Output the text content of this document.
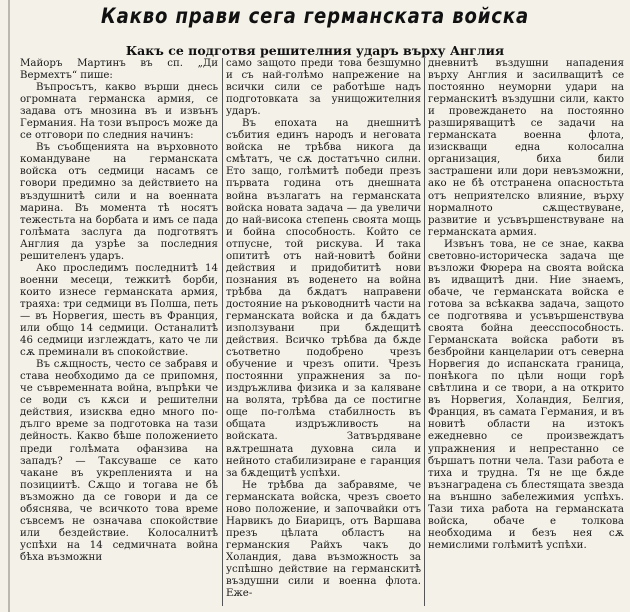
Какво прави сега германската войска
Какъ се подготвя решителния ударъ върху Англия

Майоръ Мартинъ въ сп. „Ди Вермехтъ“ пише:

Въпросътъ, какво върши днесь огромната германска армия, се задава отъ мнозина въ и извънъ Германия. На този въпросъ може да се отговори по следния начинъ:

Въ съобщенията на върховното командуване на германската войска отъ седмици насамъ се говори предимно за действието на въздушнитѣ сили и на военната марина. Въ момента тѣ носятъ тежестьта на борбата и имъ се пада голѣмата заслуга да подготвятъ Англия да узрѣе за последния решителенъ ударъ.

Ако проследимъ последнитѣ 14 военни месеци, тежкитѣ борби, които изнесе германската армия, траяха: три седмици въ Полша, петь — въ Норвегия, шесть въ Франция, или общо 14 седмици. Останалитѣ 46 седмици изглеждатъ, като че ли сѫ преминали въ спокойствие.

Въ сѫщность, често се забравя и става необходимо да се припомня, че съвременната война, въпрѣки че се води съ кѫси и решителни действия, изисква едно много по-дълго време за подготовка на тази дейность. Какво бѣше положението преди голѣмата офанзива на западъ? — Таксуваше се като чакане въ укрепленията и на позициитѣ. Сѫщо и тогава не бѣ възможно да се говори и да се обяснява, че всичкото това време съвсемъ не означава спокойствие или бездействие. Колосалнитѣ успѣхи на 14 седмичната война бѣха възможни

само защото преди това безшумно и съ най-голѣмо напрежение на всички сили се работѣше надъ подготовката за унищожителния ударъ.

Въ епохата на днешнитѣ събития единъ народъ и неговата войска не трѣбва никога да смѣтатъ, че сѫ достатъчно силни. Ето защо, голѣмитѣ победи презъ първата година отъ днешната война възлагатъ на германската войска новата задача — да увеличи до най-висока степень своята мощь и бойна способность. Който се отпусне, той рискува. И така опититѣ отъ най-новитѣ бойни действия и придобититѣ нови познания въ воденето на война трѣбва да бѫдатъ направени достояние на ръководнитѣ части на германската войска и да бѫдатъ използувани при бѫдещитѣ действия. Всичко трѣбва да бѫде съответно подобрено чрезъ обучение и чрезъ опити. Чрезъ постоянни упражнения за по-издръжлива физика и за каляване на волята, трѣбва да се постигне още по-голѣма стабилность въ общата издръжливость на войската. Затвърдяване вѫтрешната духовна сила и нейното стабилизиране е гаранция за бѫдещитѣ успѣхи.

Не трѣбва да забравяме, че германската войска, чрезъ своето ново положение, и започвайки отъ Нарвикъ до Биарицъ, отъ Варшава презъ цѣлата областъ на германския Райхъ чакъ до Холандия, дава възможность за успѣшно действие на германскитѣ въздушни сили и военна флота. Еже-

дневнитѣ въздушни нападения върху Англия и засилващитѣ се постоянно неуморни удари на германскитѣ въздушни сили, както и провеждането на постоянно разширяващитѣ се задачи на германската военна флота, изискващи една колосална организация, биха били застрашени или дори невъзможни, ако не бѣ отстранена опасностьта отъ неприятелско влияние, върху нормалното сѫществуване, развитие и усъвършенствуване на германската армия.

Извънъ това, не се знае, каква световно-историческа задача ще възложи Фюрера на своята войска въ идващитѣ дни. Ние знаемъ, обаче, че германската войска е готова за всѣкаква задача, защото се подготвява и усъвършенствува своята бойна деесспособность. Германската войска работи въ безбройни канцеларии отъ северна Норвегия до испанската граница, понѣкога по цѣли нощи горѣ свѣтлина и се твори, а на открито въ Норвегия, Холандия, Белгия, Франция, въ самата Германия, и въ новитѣ области на изтокъ ежедневно се произвеждатъ упражнения и непрестанно се бършатъ потни чела. Тази работа е тиха и трудна. Тя не ще бѫде възнаградена съ блестящата звезда на външно забележимия успѣхъ. Тази тиха работа на германската войска, обаче е толкова необходима и безъ нея сѫ немислими голѣмитѣ успѣхи.
